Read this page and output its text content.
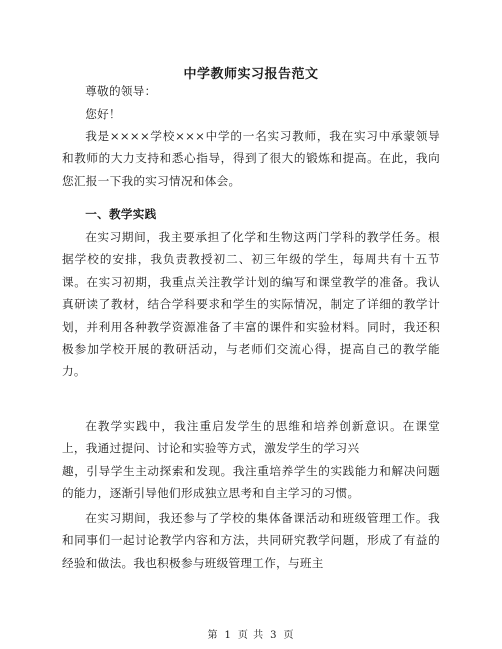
中学教师实习报告范文

尊敬的领导：

您好！

我是××××学校×××中学的一名实习教师，我在实习中承蒙领导和教师的大力支持和悉心指导，得到了很大的锻炼和提高。在此，我向您汇报一下我的实习情况和体会。

一、教学实践

在实习期间，我主要承担了化学和生物这两门学科的教学任务。根据学校的安排，我负责教授初二、初三年级的学生，每周共有十五节课。在实习初期，我重点关注教学计划的编写和课堂教学的准备。我认真研读了教材，结合学科要求和学生的实际情况，制定了详细的教学计划，并利用各种教学资源准备了丰富的课件和实验材料。同时，我还积极参加学校开展的教研活动，与老师们交流心得，提高自己的教学能力。

在教学实践中，我注重启发学生的思维和培养创新意识。在课堂上，我通过提问、讨论和实验等方式，激发学生的学习兴

趣，引导学生主动探索和发现。我注重培养学生的实践能力和解决问题的能力，逐渐引导他们形成独立思考和自主学习的习惯。

在实习期间，我还参与了学校的集体备课活动和班级管理工作。我和同事们一起讨论教学内容和方法，共同研究教学问题，形成了有益的经验和做法。我也积极参与班级管理工作，与班主

第 1 页 共 3 页
